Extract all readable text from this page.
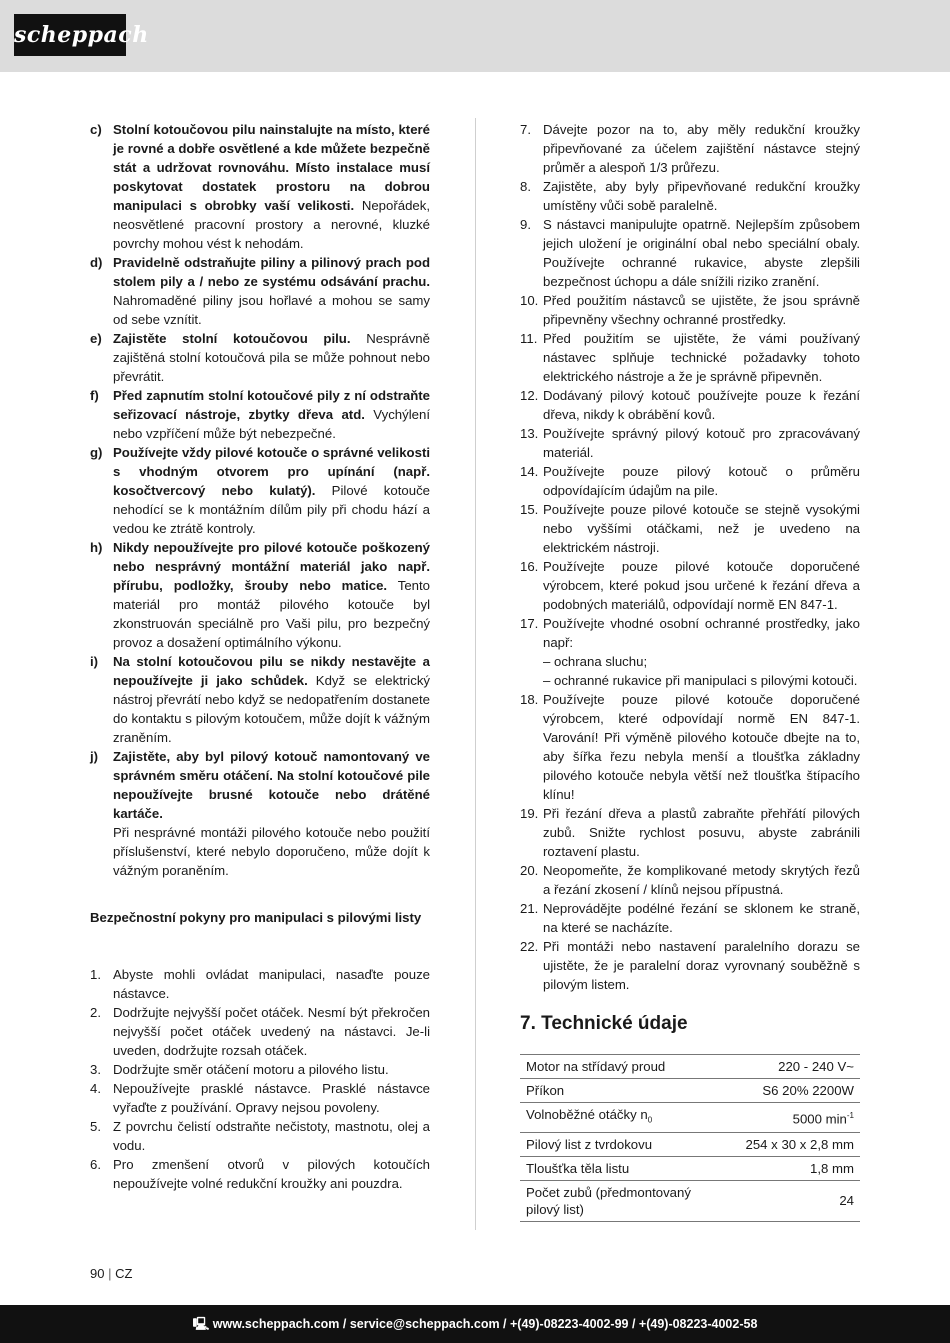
scheppach
c) Stolní kotoučovou pilu nainstalujte na místo, které je rovné a dobře osvětlené a kde můžete bezpečně stát a udržovat rovnováhu. Místo instalace musí poskytovat dostatek prostoru na dobrou manipulaci s obrobky vaší velikosti. Nepořádek, neosvětlené pracovní prostory a nerovné, kluzké povrchy mohou vést k nehodám.
d) Pravidelně odstraňujte piliny a pilinový prach pod stolem pily a / nebo ze systému odsávání prachu. Nahromaděné piliny jsou hořlavé a mohou se samy od sebe vznítit.
e) Zajistěte stolní kotoučovou pilu. Nesprávně zajištěná stolní kotoučová pila se může pohnout nebo převrátit.
f)	Před zapnutím stolní kotoučové pily z ní odstraňte seřizovací nástroje, zbytky dřeva atd. Vychýlení nebo vzpříčení může být nebezpečné.
g) Používejte vždy pilové kotouče o správné velikosti s vhodným otvorem pro upínání (např. kosočtvercový nebo kulatý). Pilové kotouče nehodící se k montážním dílům pily při chodu hází a vedou ke ztrátě kontroly.
h) Nikdy nepoužívejte pro pilové kotouče poškozený nebo nesprávný montážní materiál jako např. přírubu, podložky, šrouby nebo matice. Tento materiál pro montáž pilového kotouče byl zkonstruován speciálně pro Vaši pilu, pro bezpečný provoz a dosažení optimálního výkonu.
i)	Na stolní kotoučovou pilu se nikdy nestavějte a nepoužívejte ji jako schůdek. Když se elektrický nástroj převrátí nebo když se nedopatřením dostanete do kontaktu s pilovým kotoučem, může dojít k vážným zraněním.
j)	Zajistěte, aby byl pilový kotouč namontovaný ve správném směru otáčení. Na stolní kotoučové pile nepoužívejte brusné kotouče nebo drátěné kartáče.
Při nesprávné montáži pilového kotouče nebo použití příslušenství, které nebylo doporučeno, může dojít k vážným poraněním.
Bezpečnostní pokyny pro manipulaci s pilovými listy
1. Abyste mohli ovládat manipulaci, nasaďte pouze nástavce.
2. Dodržujte nejvyšší počet otáček. Nesmí být překročen nejvyšší počet otáček uvedený na nástavci. Je-li uveden, dodržujte rozsah otáček.
3. Dodržujte směr otáčení motoru a pilového listu.
4. Nepoužívejte prasklé nástavce. Prasklé nástavce vyřaďte z používání. Opravy nejsou povoleny.
5. Z povrchu čelistí odstraňte nečistoty, mastnotu, olej a vodu.
6. Pro zmenšení otvorů v pilových kotoučích nepoužívejte volné redukční kroužky ani pouzdra.
7. Dávejte pozor na to, aby měly redukční kroužky připevňované za účelem zajištění nástavce stejný průměr a alespoň 1/3 průřezu.
8. Zajistěte, aby byly připevňované redukční kroužky umístěny vůči sobě paralelně.
9. S nástavci manipulujte opatrně. Nejlepším způsobem jejich uložení je originální obal nebo speciální obaly. Používejte ochranné rukavice, abyste zlepšili bezpečnost úchopu a dále snížili riziko zranění.
10. Před použitím nástavců se ujistěte, že jsou správně připevněny všechny ochranné prostředky.
11. Před použitím se ujistěte, že vámi používaný nástavec splňuje technické požadavky tohoto elektrického nástroje a že je správně připevněn.
12. Dodávaný pilový kotouč používejte pouze k řezání dřeva, nikdy k obrábění kovů.
13. Používejte správný pilový kotouč pro zpracovávaný materiál.
14. Používejte pouze pilový kotouč o průměru odpovídajícím údajům na pile.
15. Používejte pouze pilové kotouče se stejně vysokými nebo vyššími otáčkami, než je uvedeno na elektrickém nástroji.
16. Používejte pouze pilové kotouče doporučené výrobcem, které pokud jsou určené k řezání dřeva a podobných materiálů, odpovídají normě EN 847-1.
17. Používejte vhodné osobní ochranné prostředky, jako např:
– ochrana sluchu;
– ochranné rukavice při manipulaci s pilovými kotouči.
18. Používejte pouze pilové kotouče doporučené výrobcem, které odpovídají normě EN 847-1. Varování! Při výměně pilového kotouče dbejte na to, aby šířka řezu nebyla menší a tloušťka základny pilového kotouče nebyla větší než tloušťka štípacího klínu!
19. Při řezání dřeva a plastů zabraňte přehřátí pilových zubů. Snižte rychlost posuvu, abyste zabránili roztavení plastu.
20. Neopomeňte, že komplikované metody skrytých řezů a řezání zkosení / klínů nejsou přípustná.
21. Neprovádějte podélné řezání se sklonem ke straně, na které se nacházíte.
22. Při montáži nebo nastavení paralelního dorazu se ujistěte, že je paralelní doraz vyrovnaný souběžně s pilovým listem.
7. Technické údaje
Motor na střídavý proud	220 - 240 V~
Příkon	S6 20% 2200W
Volnoběžné otáčky $n_0$	5000 $\min^{-1}$
Pilový list z tvrdokovu	254 x 30 x 2,8 mm
Tloušťka těla listu	1,8 mm
Počet zubů (předmontovaný pilový list)	24
90 | CZ
🖳 www.scheppach.com / service@scheppach.com / +(49)-08223-4002-99 / +(49)-08223-4002-58
